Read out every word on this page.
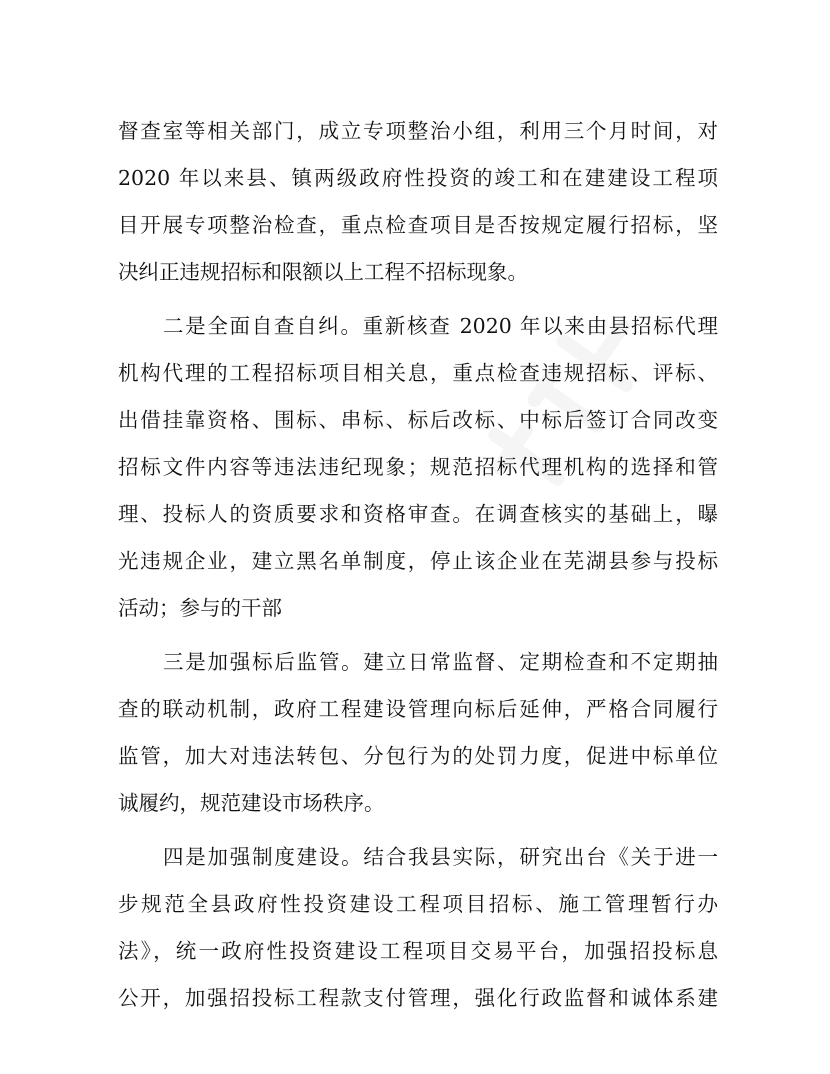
督查室等相关部门，成立专项整治小组，利用三个月时间，对
2020 年以来县、镇两级政府性投资的竣工和在建建设工程项
目开展专项整治检查，重点检查项目是否按规定履行招标，坚
决纠正违规招标和限额以上工程不招标现象。
二是全面自查自纠。重新核查 2020 年以来由县招标代理
机构代理的工程招标项目相关息，重点检查违规招标、评标、
出借挂靠资格、围标、串标、标后改标、中标后签订合同改变
招标文件内容等违法违纪现象；规范招标代理机构的选择和管
理、投标人的资质要求和资格审查。在调查核实的基础上，曝
光违规企业，建立黑名单制度，停止该企业在芜湖县参与投标
活动；参与的干部
三是加强标后监管。建立日常监督、定期检查和不定期抽
查的联动机制，政府工程建设管理向标后延伸，严格合同履行
监管，加大对违法转包、分包行为的处罚力度，促进中标单位
诚履约，规范建设市场秩序。
四是加强制度建设。结合我县实际，研究出台《关于进一
步规范全县政府性投资建设工程项目招标、施工管理暂行办
法》，统一政府性投资建设工程项目交易平台，加强招投标息
公开，加强招投标工程款支付管理，强化行政监督和诚体系建
